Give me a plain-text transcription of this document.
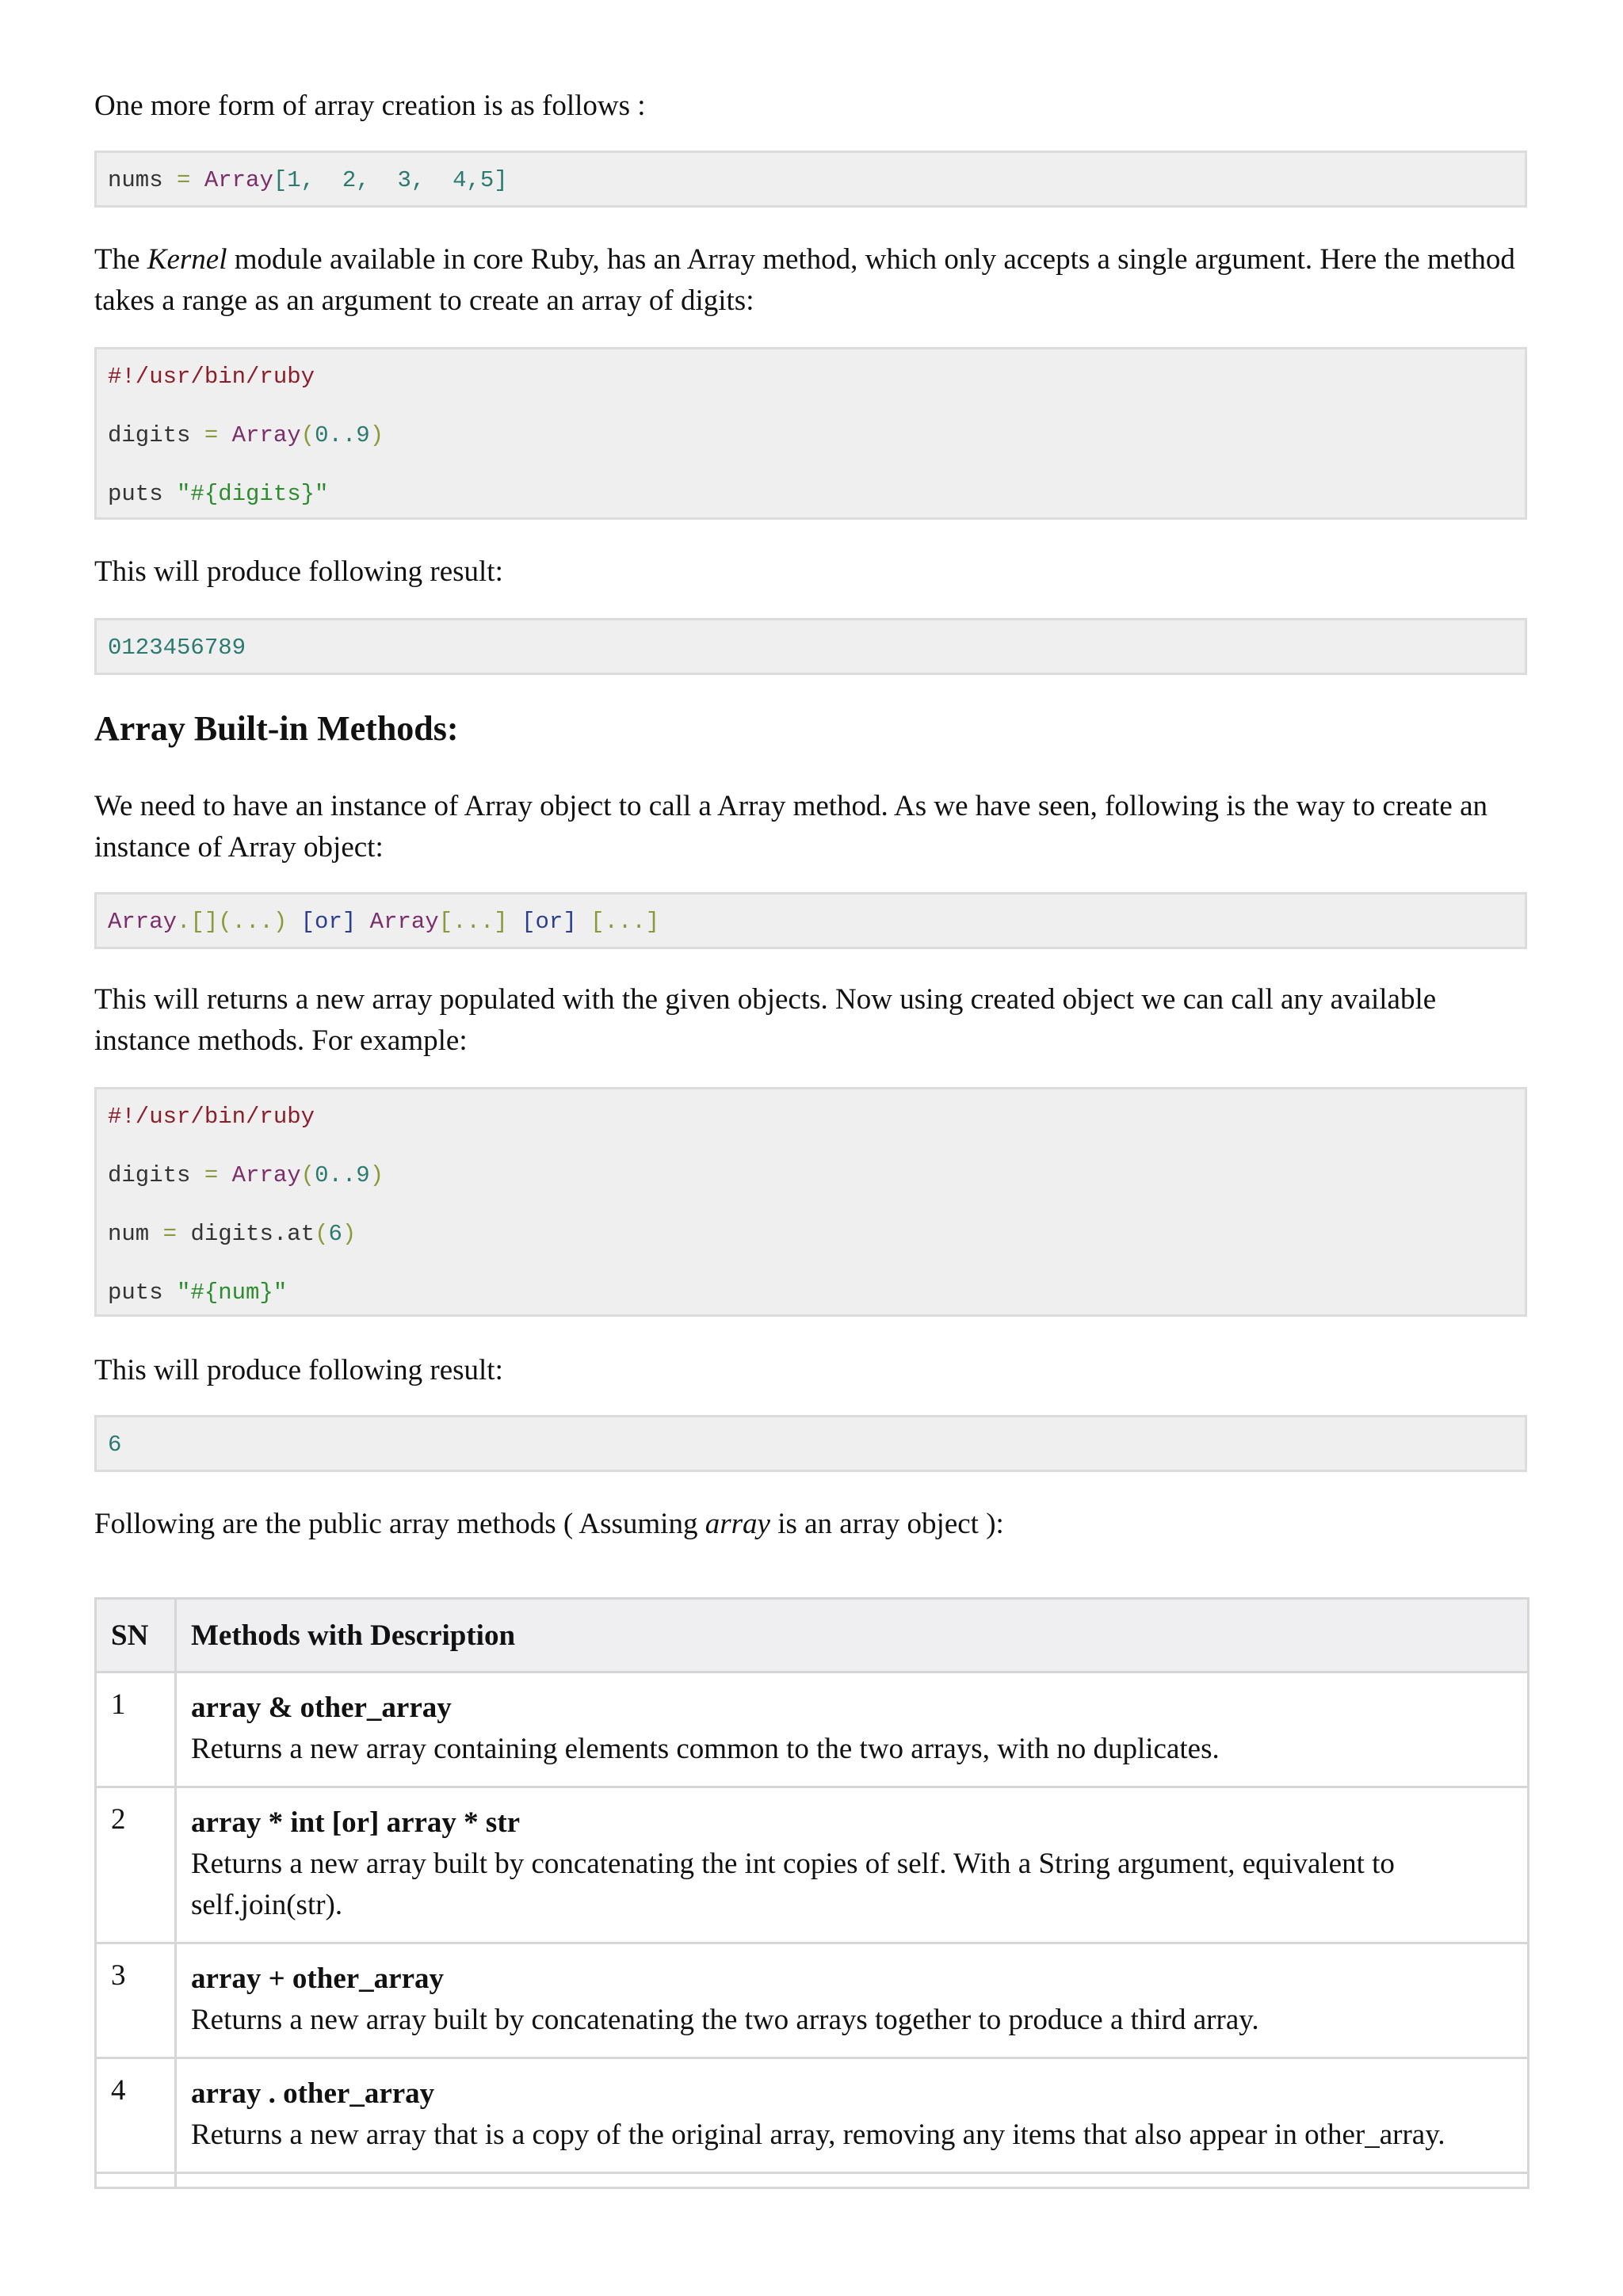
One more form of array creation is as follows :

nums = Array[1,  2,  3,  4,5]

The Kernel module available in core Ruby, has an Array method, which only accepts a single argument. Here the method takes a range as an argument to create an array of digits:

#!/usr/bin/ruby
digits = Array(0..9)
puts "#{digits}"

This will produce following result:

0123456789
Array Built-in Methods:

We need to have an instance of Array object to call a Array method. As we have seen, following is the way to create an instance of Array object:

Array.[](...) [or] Array[...] [or] [...]

This will returns a new array populated with the given objects. Now using created object we can call any available instance methods. For example:

#!/usr/bin/ruby
digits = Array(0..9)
num = digits.at(6)
puts "#{num}"

This will produce following result:

6

Following are the public array methods ( Assuming array is an array object ):

SN	Methods with Description
1	array & other_array
Returns a new array containing elements common to the two arrays, with no duplicates.

2	array * int [or] array * str
Returns a new array built by concatenating the int copies of self. With a String argument, equivalent to self.join(str).

3	array + other_array
Returns a new array built by concatenating the two arrays together to produce a third array.

4	array . other_array
Returns a new array that is a copy of the original array, removing any items that also appear in other_array.
